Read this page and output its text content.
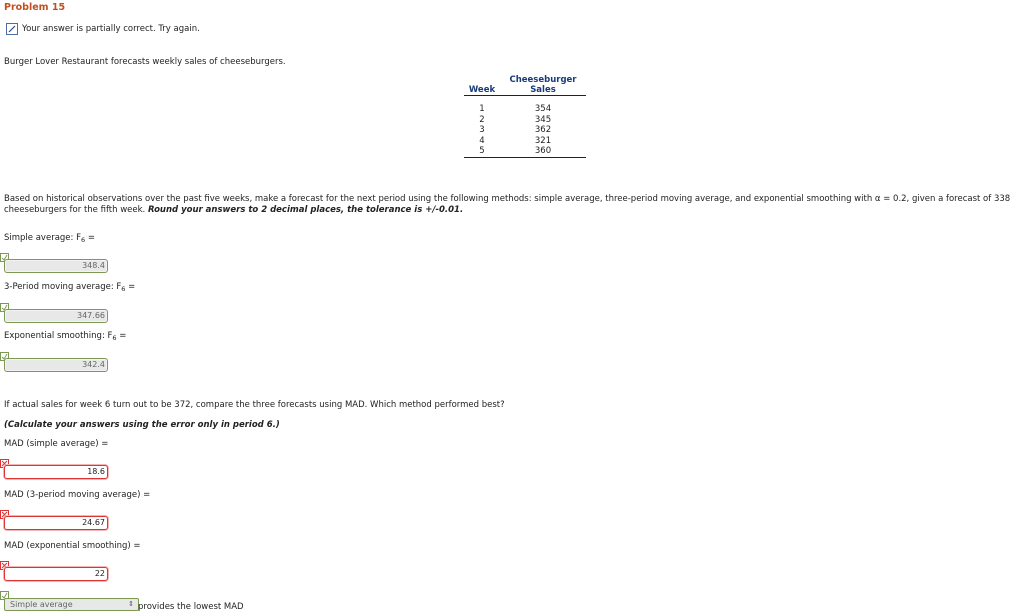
Problem 15
Your answer is partially correct. Try again.
Burger Lover Restaurant forecasts weekly sales of cheeseburgers.
Week	Cheeseburger
Sales

1	354
2	345
3	362
4	321
5	360
Based on historical observations over the past five weeks, make a forecast for the next period using the following methods: simple average, three-period moving average, and exponential smoothing with α = 0.2, given a forecast of 338 cheeseburgers for the fifth week. Round your answers to 2 decimal places, the tolerance is +/-0.01.
Simple average: $F_6$ =
348.4
3-Period moving average: $F_6$ =
347.66
Exponential smoothing: $F_6$ =
342.4
If actual sales for week 6 turn out to be 372, compare the three forecasts using MAD. Which method performed best?
(Calculate your answers using the error only in period 6.)
MAD (simple average) =
18.6
MAD (3-period moving average) =
24.67
MAD (exponential smoothing) =
22
Simple average	⇕ provides the lowest MAD
